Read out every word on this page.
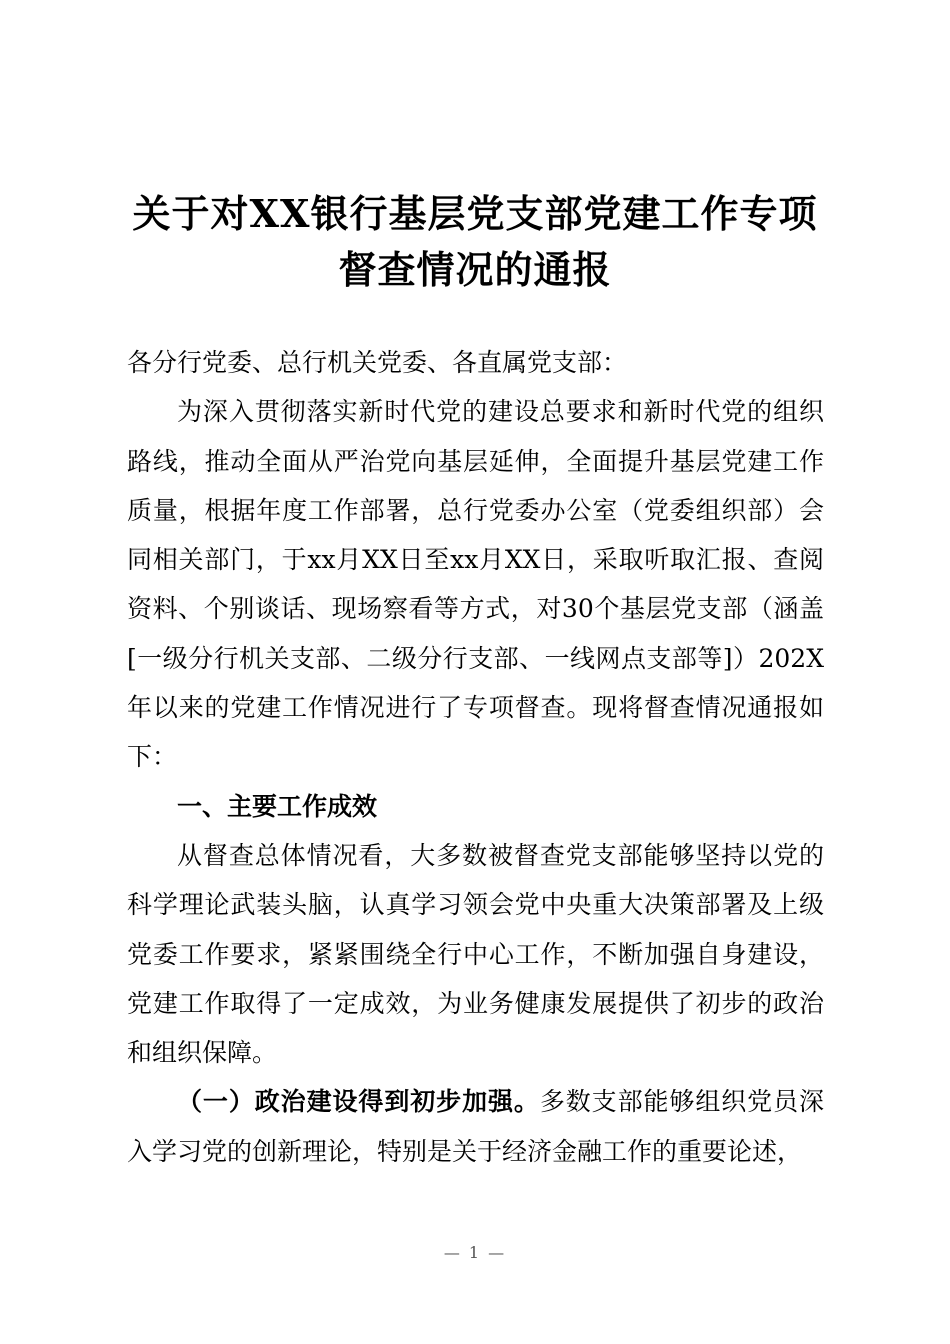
关于对XX银行基层党支部党建工作专项
督查情况的通报

各分行党委、总行机关党委、各直属党支部：

为深入贯彻落实新时代党的建设总要求和新时代党的组织路线，推动全面从严治党向基层延伸，全面提升基层党建工作质量，根据年度工作部署，总行党委办公室（党委组织部）会同相关部门，于xx月XX日至xx月XX日，采取听取汇报、查阅资料、个别谈话、现场察看等方式，对30个基层党支部（涵盖[一级分行机关支部、二级分行支部、一线网点支部等]）202X年以来的党建工作情况进行了专项督查。现将督查情况通报如下：

一、主要工作成效

从督查总体情况看，大多数被督查党支部能够坚持以党的科学理论武装头脑，认真学习领会党中央重大决策部署及上级党委工作要求，紧紧围绕全行中心工作，不断加强自身建设，党建工作取得了一定成效，为业务健康发展提供了初步的政治和组织保障。

（一）政治建设得到初步加强。多数支部能够组织党员深入学习党的创新理论，特别是关于经济金融工作的重要论述，

— 1 —
